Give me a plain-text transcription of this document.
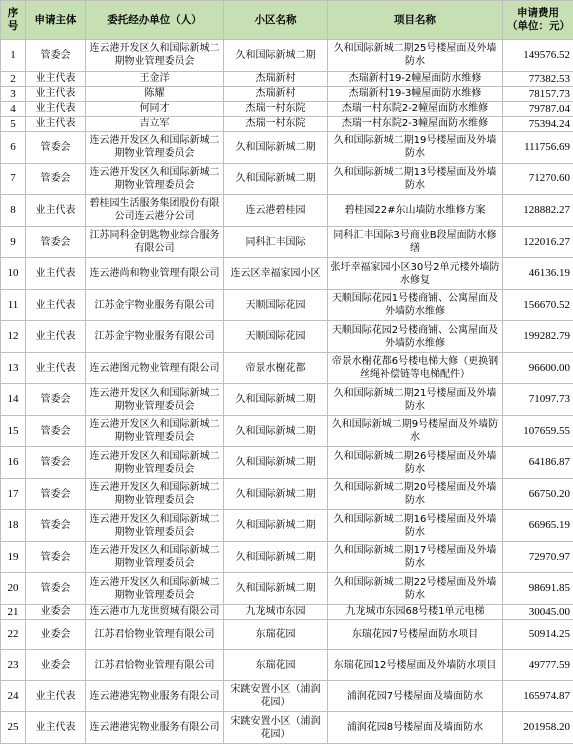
序号	申请主体	委托经办单位（人）	小区名称	项目名称	申请费用（单位：元）
1	管委会	连云港开发区久和国际新城二期物业管理委员会	久和国际新城二期	久和国际新城二期25号楼屋面及外墙防水	149576.52
2	业主代表	王金洋	杰瑞新村	杰瑞新村19-2幢屋面防水维修	77382.53
3	业主代表	陈耀	杰瑞新村	杰瑞新村19-3幢屋面防水维修	78157.73
4	业主代表	何同才	杰瑞一村东院	杰瑞一村东院2-2幢屋面防水维修	79787.04
5	业主代表	吉立军	杰瑞一村东院	杰瑞一村东院2-3幢屋面防水维修	75394.24
6	管委会	连云港开发区久和国际新城二期物业管理委员会	久和国际新城二期	久和国际新城二期19号楼屋面及外墙防水	111756.69
7	管委会	连云港开发区久和国际新城二期物业管理委员会	久和国际新城二期	久和国际新城二期13号楼屋面及外墙防水	71270.60
8	业主代表	碧桂园生活服务集团股份有限公司连云港分公司	连云港碧桂园	碧桂园22#东山墙防水维修方案	128882.27
9	管委会	江苏同科金钥匙物业综合服务有限公司	同科汇丰国际	同科汇丰国际3号商业B段屋面防水修缮	122016.27
10	业主代表	连云港尚和物业管理有限公司	连云区幸福家园小区	张圩幸福家园小区30号2单元楼外墙防水修复	46136.19
11	业主代表	江苏金宇物业服务有限公司	天顺国际花园	天顺国际花园1号楼商铺、公寓屋面及外墙防水维修	156670.52
12	业主代表	江苏金宇物业服务有限公司	天顺国际花园	天顺国际花园2号楼商铺、公寓屋面及外墙防水维修	199282.79
13	业主代表	连云港图元物业管理有限公司	帝景水榭花都	帝景水榭花都6号楼电梯大修（更换钢丝绳补偿链等电梯配件）	96600.00
14	管委会	连云港开发区久和国际新城二期物业管理委员会	久和国际新城二期	久和国际新城二期21号楼屋面及外墙防水	71097.73
15	管委会	连云港开发区久和国际新城二期物业管理委员会	久和国际新城二期	久和国际新城二期9号楼屋面及外墙防水	107659.55
16	管委会	连云港开发区久和国际新城二期物业管理委员会	久和国际新城二期	久和国际新城二期26号楼屋面及外墙防水	64186.87
17	管委会	连云港开发区久和国际新城二期物业管理委员会	久和国际新城二期	久和国际新城二期20号楼屋面及外墙防水	66750.20
18	管委会	连云港开发区久和国际新城二期物业管理委员会	久和国际新城二期	久和国际新城二期16号楼屋面及外墙防水	66965.19
19	管委会	连云港开发区久和国际新城二期物业管理委员会	久和国际新城二期	久和国际新城二期17号楼屋面及外墙防水	72970.97
20	管委会	连云港开发区久和国际新城二期物业管理委员会	久和国际新城二期	久和国际新城二期22号楼屋面及外墙防水	98691.85
21	业委会	连云港市九龙世贸城有限公司	九龙城市东园	九龙城市东园68号楼1单元电梯	30045.00
22	业委会	江苏君恰物业管理有限公司	东瑞花园	东瑞花园7号楼屋面防水项目	50914.25
23	业委会	江苏君恰物业管理有限公司	东瑞花园	东瑞花园12号楼屋面及外墙防水项目	49777.59
24	业主代表	连云港港宪物业服务有限公司	宋跳安置小区（浦润花园）	浦润花园7号楼屋面及墙面防水	165974.87
25	业主代表	连云港港宪物业服务有限公司	宋跳安置小区（浦润花园）	浦润花园8号楼屋面及墙面防水	201958.20
